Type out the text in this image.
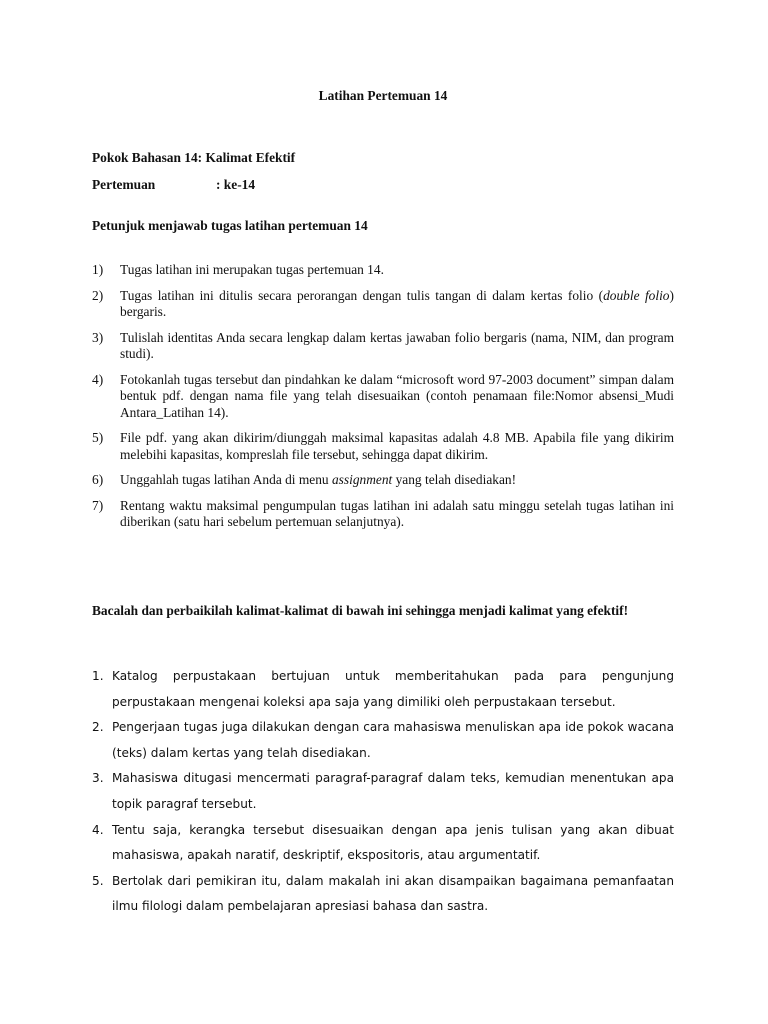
Latihan Pertemuan 14
Pokok Bahasan 14: Kalimat Efektif
Pertemuan	: ke-14
Petunjuk menjawab tugas latihan pertemuan 14
1) Tugas latihan ini merupakan tugas pertemuan 14.
2) Tugas latihan ini ditulis secara perorangan dengan tulis tangan di dalam kertas folio (double folio) bergaris.
3) Tulislah identitas Anda secara lengkap dalam kertas jawaban folio bergaris (nama, NIM, dan program studi).
4) Fotokanlah tugas tersebut dan pindahkan ke dalam “microsoft word 97-2003 document” simpan dalam bentuk pdf. dengan nama file yang telah disesuaikan (contoh penamaan file:Nomor absensi_Mudi Antara_Latihan 14).
5) File pdf. yang akan dikirim/diunggah maksimal kapasitas adalah 4.8 MB. Apabila file yang dikirim melebihi kapasitas, kompreslah file tersebut, sehingga dapat dikirim.
6) Unggahlah tugas latihan Anda di menu assignment yang telah disediakan!
7) Rentang waktu maksimal pengumpulan tugas latihan ini adalah satu minggu setelah tugas latihan ini diberikan (satu hari sebelum pertemuan selanjutnya).
Bacalah dan perbaikilah kalimat-kalimat di bawah ini sehingga menjadi kalimat yang efektif!
1. Katalog perpustakaan bertujuan untuk memberitahukan pada para pengunjung perpustakaan mengenai koleksi apa saja yang dimiliki oleh perpustakaan tersebut.
2. Pengerjaan tugas juga dilakukan dengan cara mahasiswa menuliskan apa ide pokok wacana (teks) dalam kertas yang telah disediakan.
3. Mahasiswa ditugasi mencermati paragraf-paragraf dalam teks, kemudian menentukan apa topik paragraf tersebut.
4. Tentu saja, kerangka tersebut disesuaikan dengan apa jenis tulisan yang akan dibuat mahasiswa, apakah naratif, deskriptif, ekspositoris, atau argumentatif.
5. Bertolak dari pemikiran itu, dalam makalah ini akan disampaikan bagaimana pemanfaatan ilmu filologi dalam pembelajaran apresiasi bahasa dan sastra.
